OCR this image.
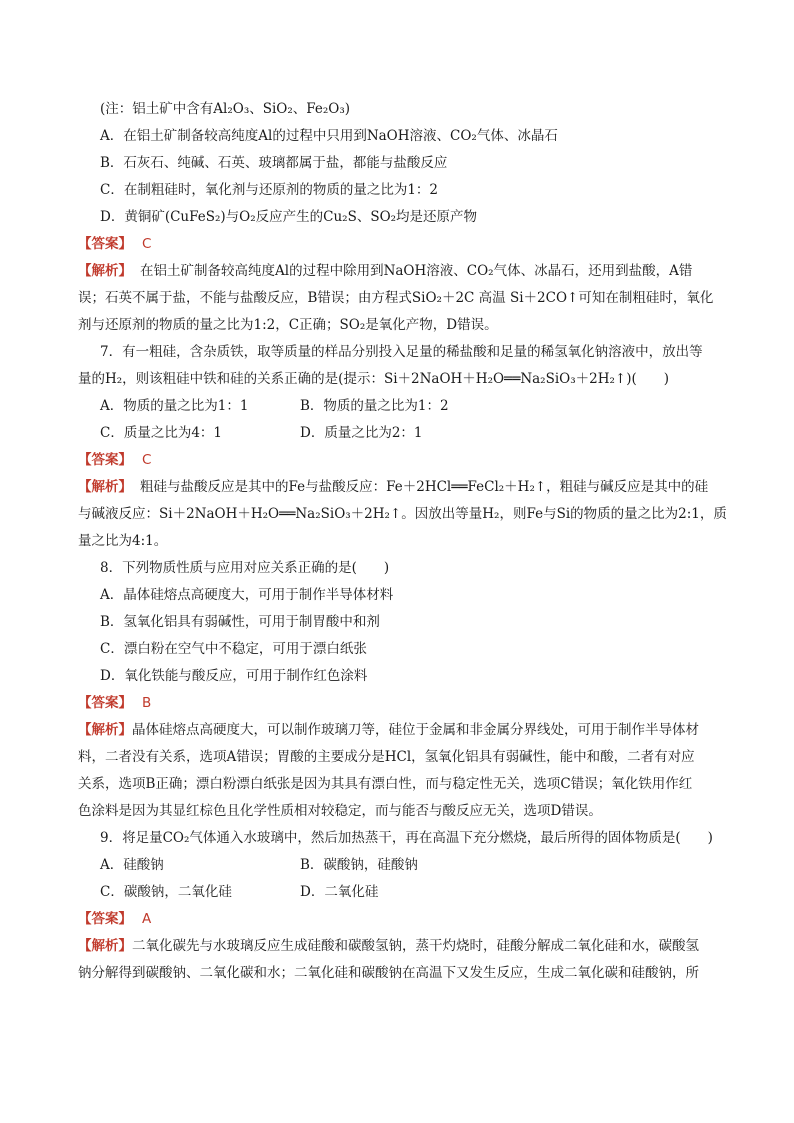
(注：铝土矿中含有Al₂O₃、SiO₂、Fe₂O₃)
A．在铝土矿制备较高纯度Al的过程中只用到NaOH溶液、CO₂气体、冰晶石
B．石灰石、纯碱、石英、玻璃都属于盐，都能与盐酸反应
C．在制粗硅时，氧化剂与还原剂的物质的量之比为1：2
D．黄铜矿(CuFeS₂)与O₂反应产生的Cu₂S、SO₂均是还原产物
【答案】 C
【解析】 在铝土矿制备较高纯度Al的过程中除用到NaOH溶液、CO₂气体、冰晶石，还用到盐酸，A错
误；石英不属于盐，不能与盐酸反应，B错误；由方程式SiO₂＋2C 高温 Si＋2CO↑可知在制粗硅时，氧化
剂与还原剂的物质的量之比为1:2，C正确；SO₂是氧化产物，D错误。
7．有一粗硅，含杂质铁，取等质量的样品分别投入足量的稀盐酸和足量的稀氢氧化钠溶液中，放出等
量的H₂，则该粗硅中铁和硅的关系正确的是(提示：Si＋2NaOH＋H₂O══Na₂SiO₃＋2H₂↑)(　　)
A．物质的量之比为1：1	B．物质的量之比为1：2
C．质量之比为4：1	D．质量之比为2：1
【答案】 C
【解析】 粗硅与盐酸反应是其中的Fe与盐酸反应：Fe＋2HCl══FeCl₂＋H₂↑，粗硅与碱反应是其中的硅
与碱液反应：Si＋2NaOH＋H₂O══Na₂SiO₃＋2H₂↑。因放出等量H₂，则Fe与Si的物质的量之比为2:1，质
量之比为4:1。
8．下列物质性质与应用对应关系正确的是(　　)
A．晶体硅熔点高硬度大，可用于制作半导体材料
B．氢氧化铝具有弱碱性，可用于制胃酸中和剂
C．漂白粉在空气中不稳定，可用于漂白纸张
D．氧化铁能与酸反应，可用于制作红色涂料
【答案】 B
【解析】晶体硅熔点高硬度大，可以制作玻璃刀等，硅位于金属和非金属分界线处，可用于制作半导体材
料，二者没有关系，选项A错误；胃酸的主要成分是HCl，氢氧化铝具有弱碱性，能中和酸，二者有对应
关系，选项B正确；漂白粉漂白纸张是因为其具有漂白性，而与稳定性无关，选项C错误；氧化铁用作红
色涂料是因为其显红棕色且化学性质相对较稳定，而与能否与酸反应无关，选项D错误。
9．将足量CO₂气体通入水玻璃中，然后加热蒸干，再在高温下充分燃烧，最后所得的固体物质是(　　)
A．硅酸钠	B．碳酸钠，硅酸钠
C．碳酸钠，二氧化硅	D．二氧化硅
【答案】 A
【解析】二氧化碳先与水玻璃反应生成硅酸和碳酸氢钠，蒸干灼烧时，硅酸分解成二氧化硅和水，碳酸氢
钠分解得到碳酸钠、二氧化碳和水；二氧化硅和碳酸钠在高温下又发生反应，生成二氧化碳和硅酸钠，所
